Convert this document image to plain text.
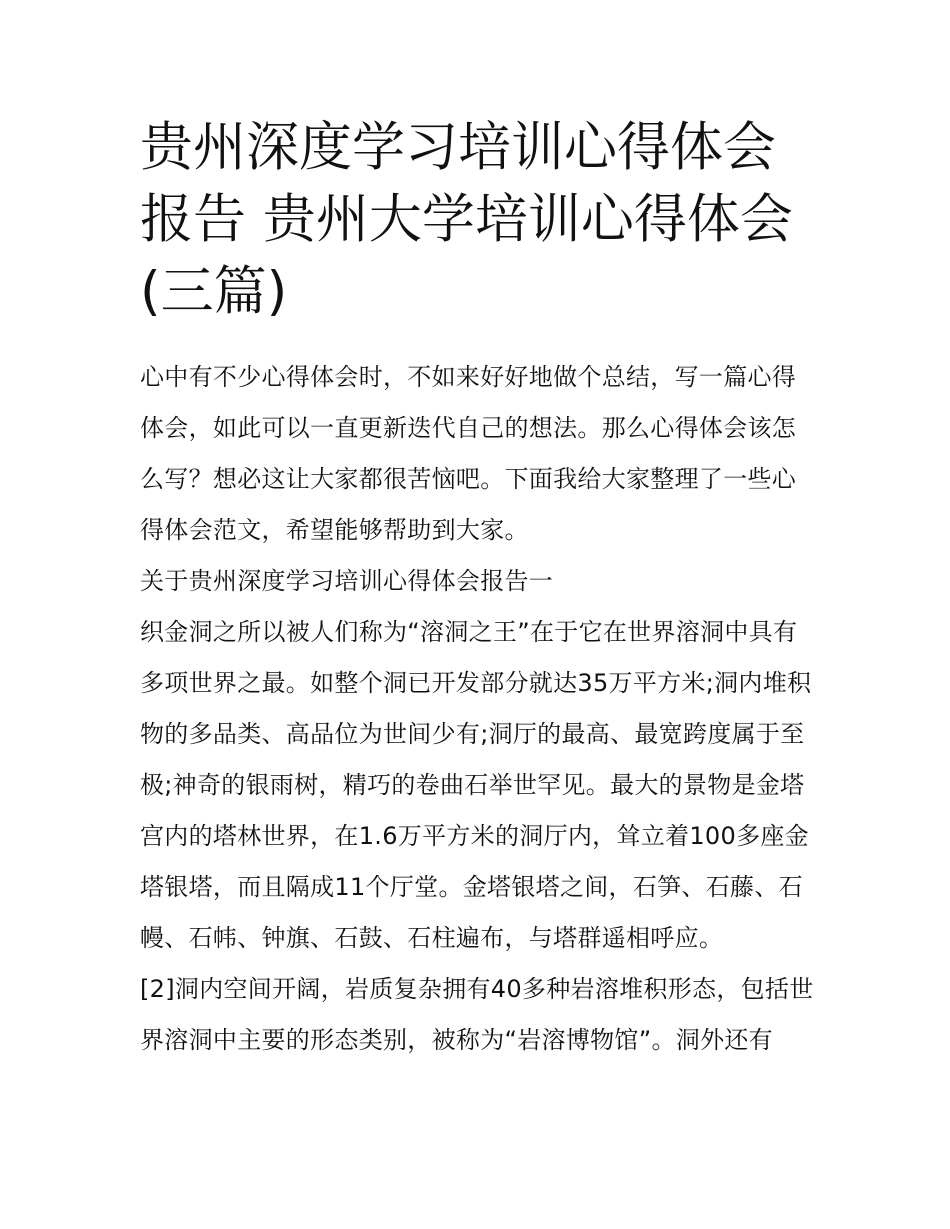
贵州深度学习培训心得体会报告 贵州大学培训心得体会(三篇)

心中有不少心得体会时，不如来好好地做个总结，写一篇心得体会，如此可以一直更新迭代自己的想法。那么心得体会该怎么写？想必这让大家都很苦恼吧。下面我给大家整理了一些心得体会范文，希望能够帮助到大家。

关于贵州深度学习培训心得体会报告一

织金洞之所以被人们称为“溶洞之王”在于它在世界溶洞中具有多项世界之最。如整个洞已开发部分就达35万平方米;洞内堆积物的多品类、高品位为世间少有;洞厅的最高、最宽跨度属于至极;神奇的银雨树，精巧的卷曲石举世罕见。最大的景物是金塔宫内的塔林世界，在1.6万平方米的洞厅内，耸立着100多座金塔银塔，而且隔成11个厅堂。金塔银塔之间，石笋、石藤、石幔、石帏、钟旗、石鼓、石柱遍布，与塔群遥相呼应。

[2]洞内空间开阔，岩质复杂拥有40多种岩溶堆积形态，包括世界溶洞中主要的形态类别，被称为“岩溶博物馆”。洞外还有
